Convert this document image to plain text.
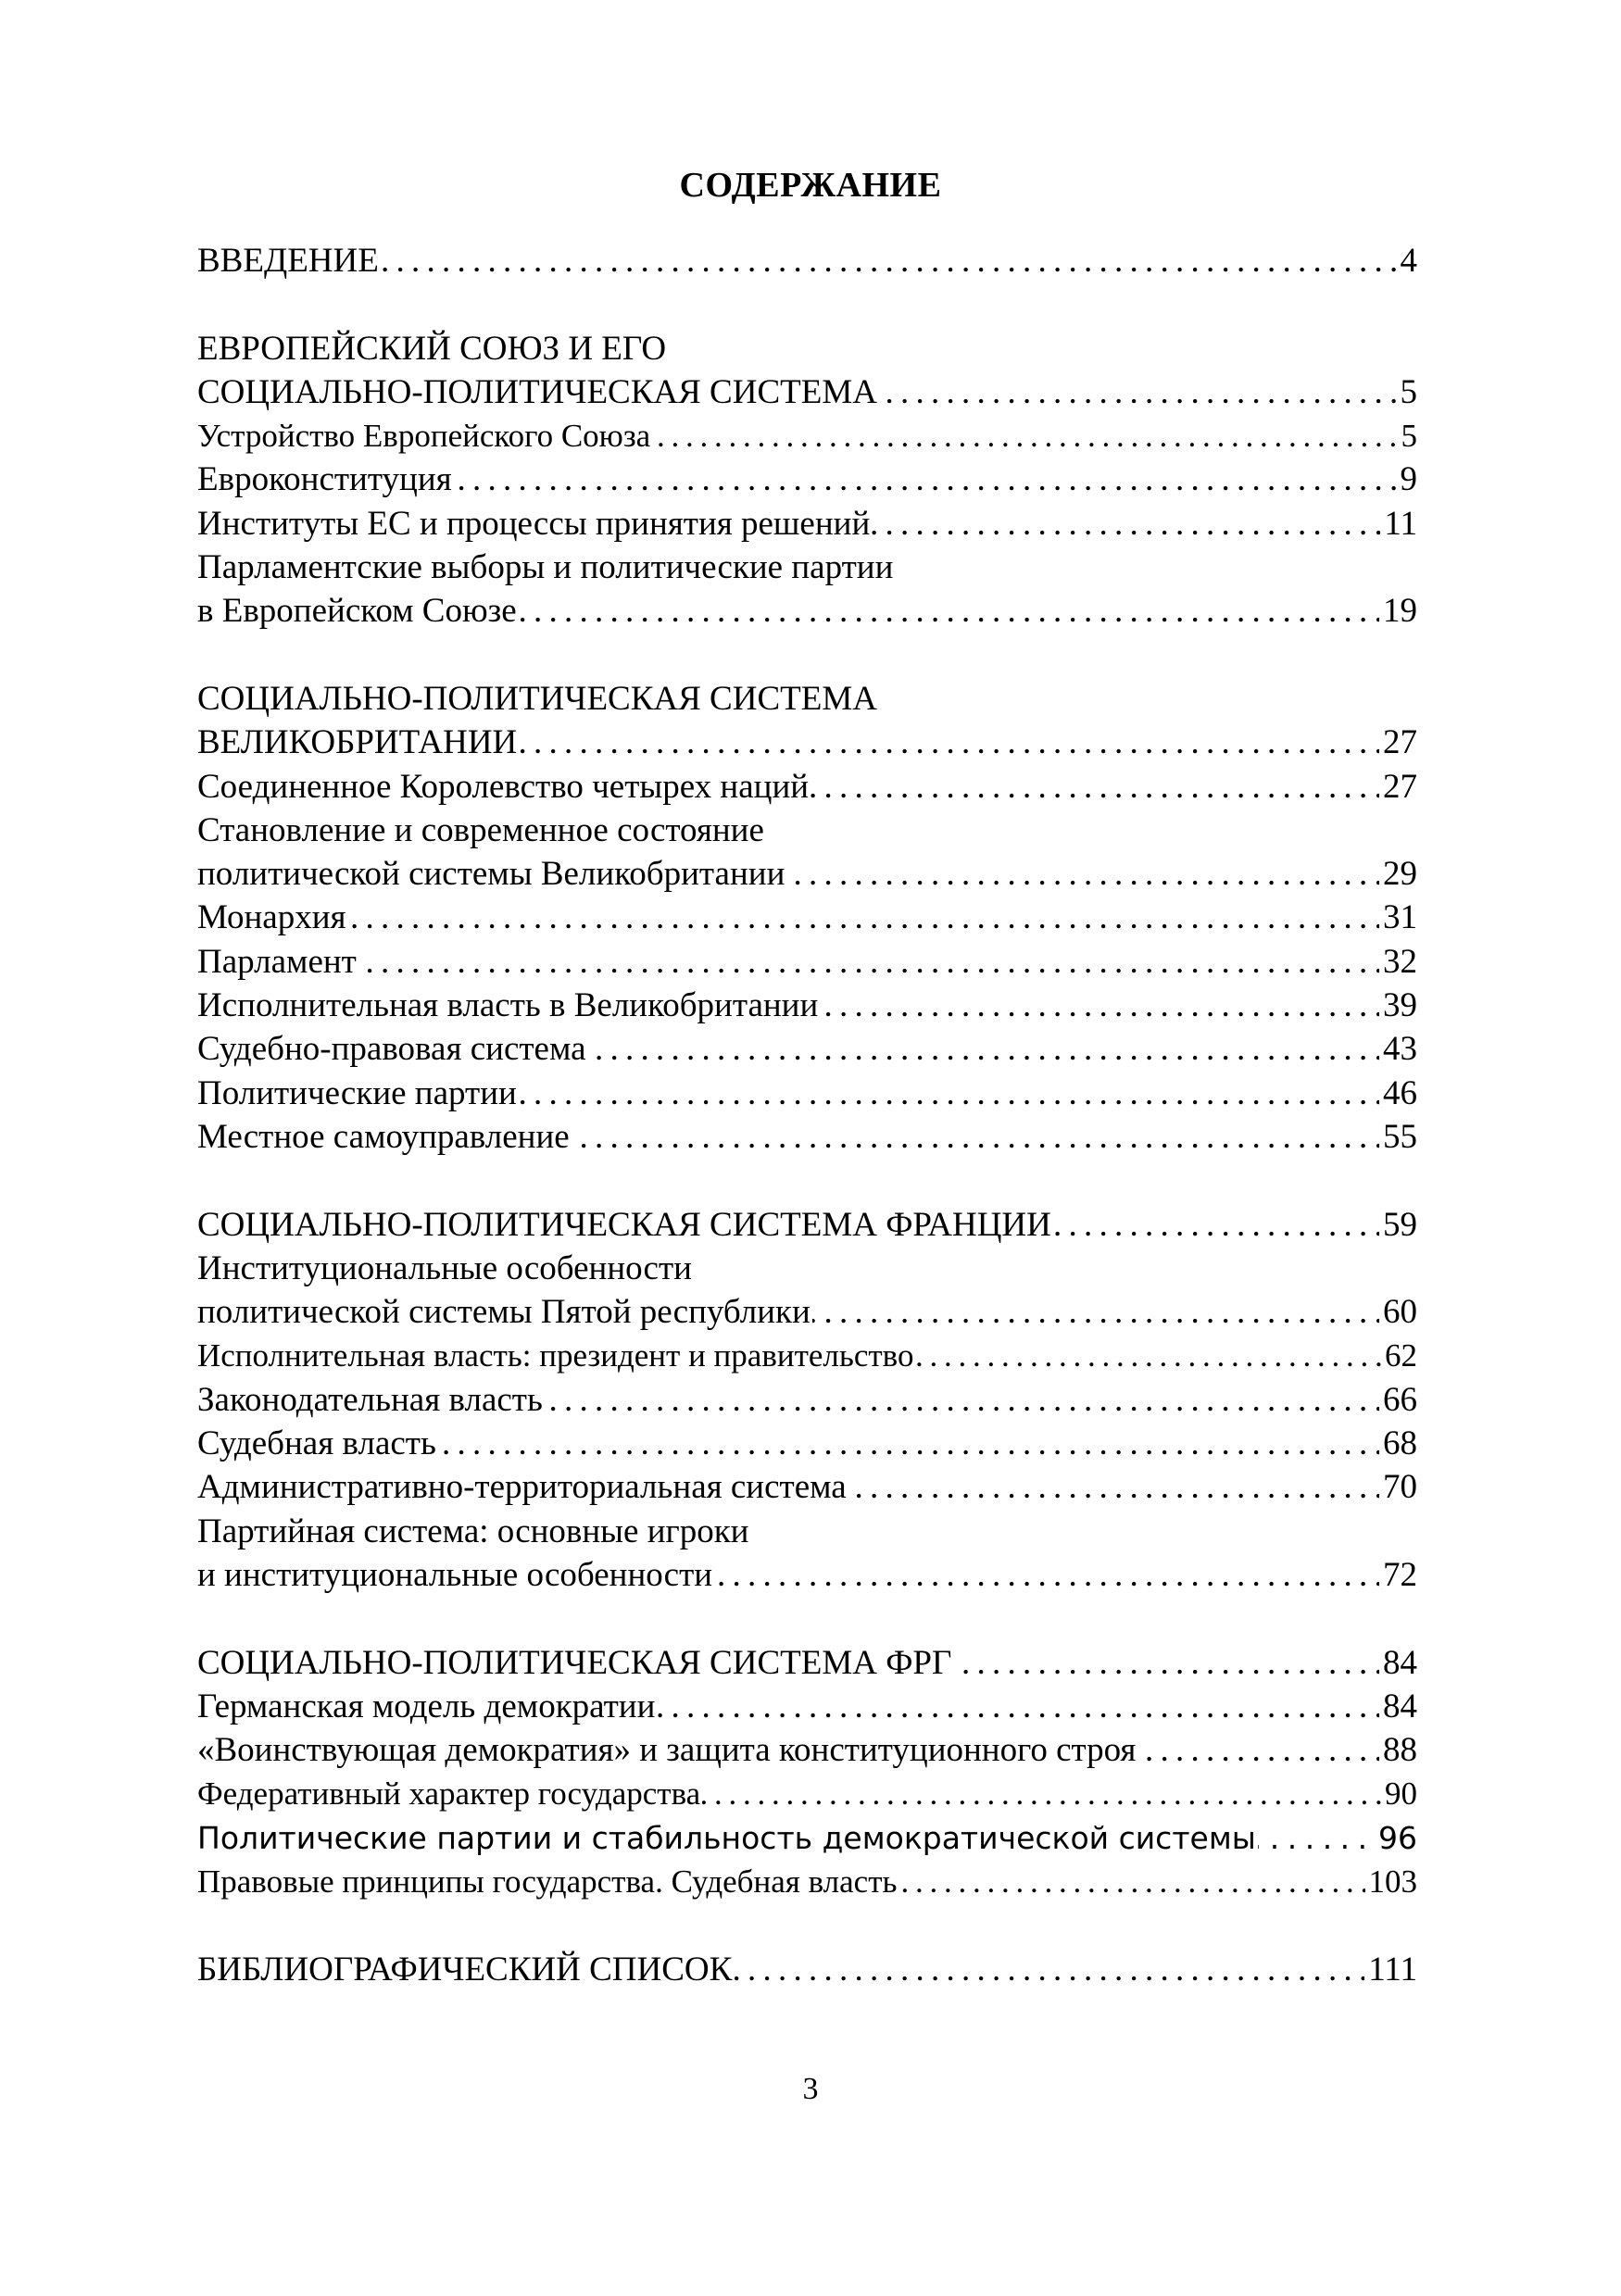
СОДЕРЖАНИЕ
ВВЕДЕНИЕ	4
. . .
ЕВРОПЕЙСКИЙ СОЮЗ И ЕГО
СОЦИАЛЬНО-ПОЛИТИЧЕСКАЯ СИСТЕМА	5
. . .
Устройство Европейского Союза	5
. . .
Евроконституция	9
. . .
Институты ЕС и процессы принятия решений	11
. . .
Парламентские выборы и политические партии
в Европейском Союзе	19
. . .
СОЦИАЛЬНО-ПОЛИТИЧЕСКАЯ СИСТЕМА
ВЕЛИКОБРИТАНИИ	27
. . .
Соединенное Королевство четырех наций	27
. . .
Становление и современное состояние
политической системы Великобритании	29
. . .
Монархия	31
. . .
Парламент	32
. . .
Исполнительная власть в Великобритании	39
. . .
Судебно-правовая система	43
. . .
Политические партии	46
. . .
Местное самоуправление	55
. . .
СОЦИАЛЬНО-ПОЛИТИЧЕСКАЯ СИСТЕМА ФРАНЦИИ	59
. . .
Институциональные особенности
политической системы Пятой республики	60
. . .
Исполнительная власть: президент и правительство	62
. . .
Законодательная власть	66
. . .
Судебная власть	68
. . .
Административно-территориальная система	70
. . .
Партийная система: основные игроки
и институциональные особенности	72
. . .
СОЦИАЛЬНО-ПОЛИТИЧЕСКАЯ СИСТЕМА ФРГ	84
. . .
Германская модель демократии	84
. . .
«Воинствующая демократия» и защита конституционного строя	88
. . .
Федеративный характер государства	90
. . .
Политические партии и стабильность демократической системы	96
. . .
Правовые принципы государства. Судебная власть	103
. . .
БИБЛИОГРАФИЧЕСКИЙ СПИСОК	111
. . .
3
